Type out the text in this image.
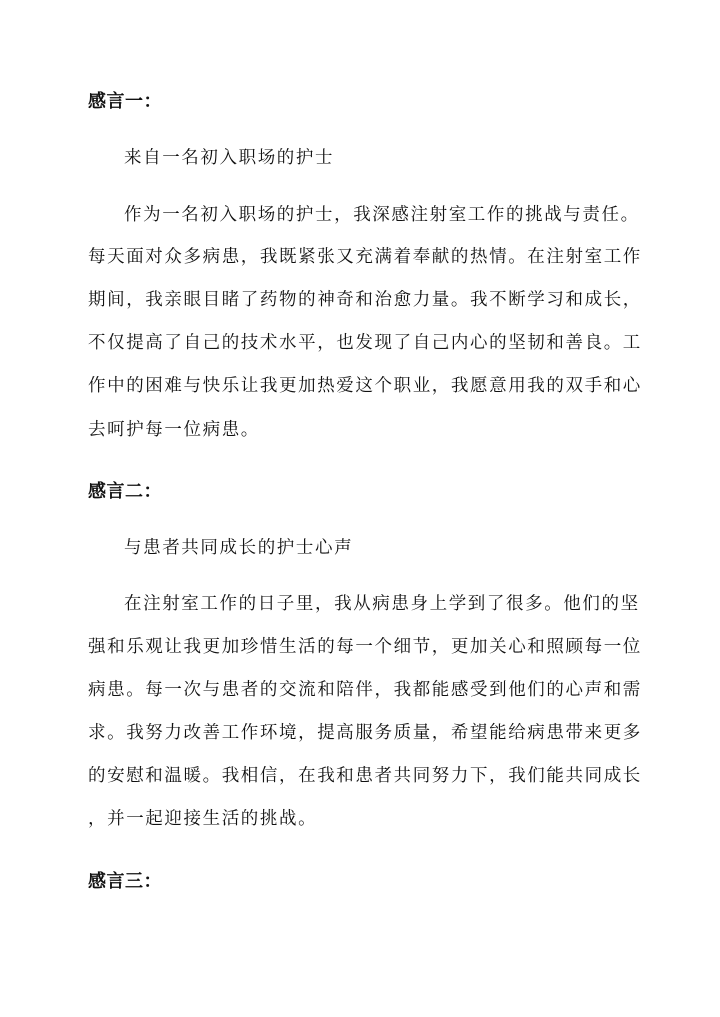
感言一：
来自一名初入职场的护士
作为一名初入职场的护士，我深感注射室工作的挑战与责任。
每天面对众多病患，我既紧张又充满着奉献的热情。在注射室工作
期间，我亲眼目睹了药物的神奇和治愈力量。我不断学习和成长，
不仅提高了自己的技术水平，也发现了自己内心的坚韧和善良。工
作中的困难与快乐让我更加热爱这个职业，我愿意用我的双手和心
去呵护每一位病患。
感言二：
与患者共同成长的护士心声
在注射室工作的日子里，我从病患身上学到了很多。他们的坚
强和乐观让我更加珍惜生活的每一个细节，更加关心和照顾每一位
病患。每一次与患者的交流和陪伴，我都能感受到他们的心声和需
求。我努力改善工作环境，提高服务质量，希望能给病患带来更多
的安慰和温暖。我相信，在我和患者共同努力下，我们能共同成长
，并一起迎接生活的挑战。
感言三：
